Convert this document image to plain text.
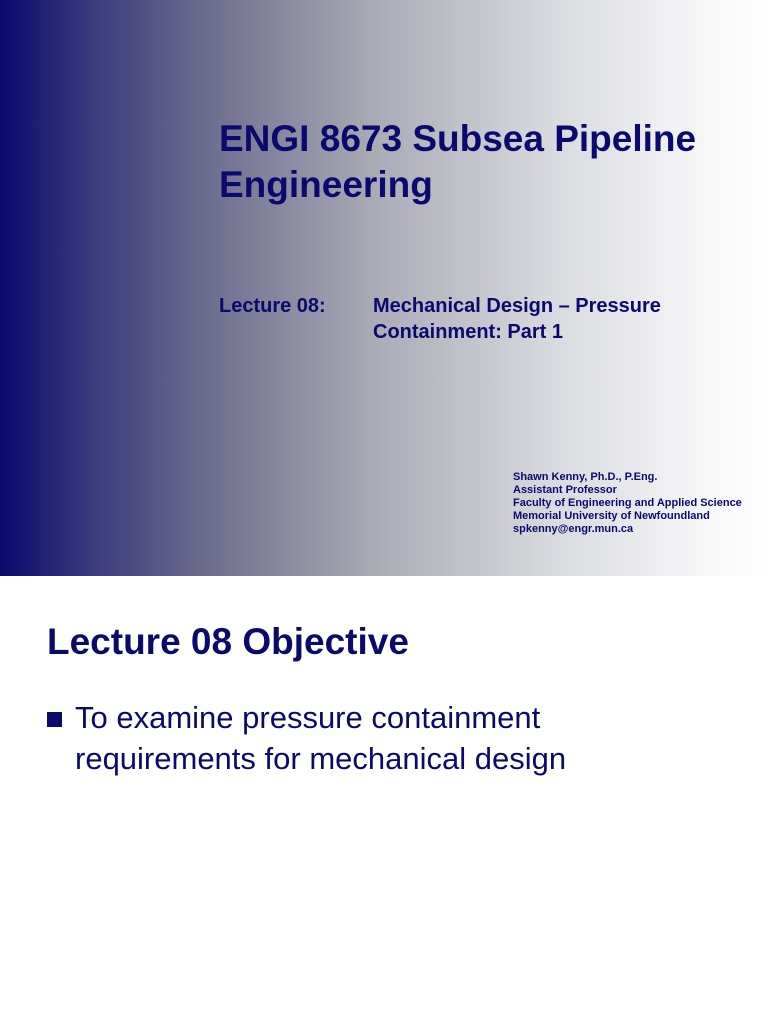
ENGI 8673 Subsea Pipeline Engineering
Lecture 08:	Mechanical Design – Pressure Containment: Part 1
Shawn Kenny, Ph.D., P.Eng.
Assistant Professor
Faculty of Engineering and Applied Science
Memorial University of Newfoundland
spkenny@engr.mun.ca
Lecture 08 Objective
To examine pressure containment requirements for mechanical design
